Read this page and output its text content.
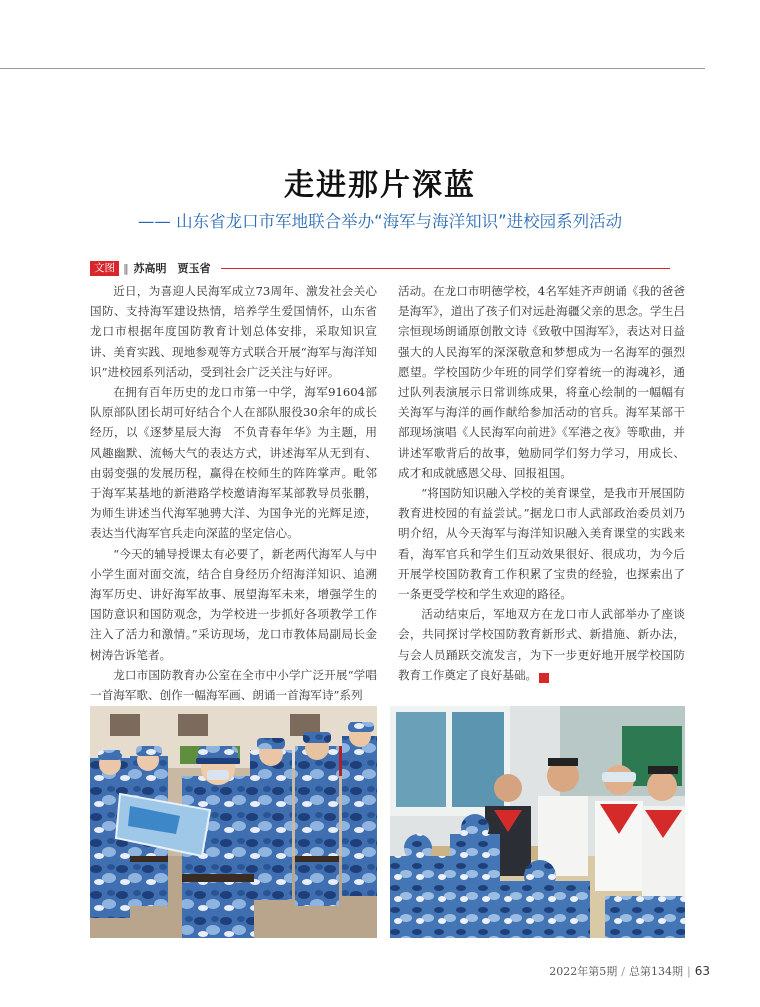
走进那片深蓝
—— 山东省龙口市军地联合举办“海军与海洋知识”进校园系列活动
文图 ‖ 苏高明　贾玉省

近日，为喜迎人民海军成立73周年、激发社会关心国防、支持海军建设热情，培养学生爱国情怀，山东省龙口市根据年度国防教育计划总体安排，采取知识宣讲、美育实践、现地参观等方式联合开展“海军与海洋知识”进校园系列活动，受到社会广泛关注与好评。

在拥有百年历史的龙口市第一中学，海军91604部队原部队团长胡可好结合个人在部队服役30余年的成长经历，以《逐梦星辰大海　不负青春年华》为主题，用风趣幽默、流畅大气的表达方式，讲述海军从无到有、由弱变强的发展历程，赢得在校师生的阵阵掌声。毗邻于海军某基地的新港路学校邀请海军某部教导员张鹏，为师生讲述当代海军驰骋大洋、为国争光的光辉足迹，表达当代海军官兵走向深蓝的坚定信心。

“今天的辅导授课太有必要了，新老两代海军人与中小学生面对面交流，结合自身经历介绍海洋知识、追溯海军历史、讲好海军故事、展望海军未来，增强学生的国防意识和国防观念，为学校进一步抓好各项教学工作注入了活力和激情。”采访现场，龙口市教体局副局长金树涛告诉笔者。

龙口市国防教育办公室在全市中小学广泛开展“学唱一首海军歌、创作一幅海军画、朗诵一首海军诗”系列

活动。在龙口市明德学校，4名军娃齐声朗诵《我的爸爸是海军》，道出了孩子们对远赴海疆父亲的思念。学生吕宗恒现场朗诵原创散文诗《致敬中国海军》，表达对日益强大的人民海军的深深敬意和梦想成为一名海军的强烈愿望。学校国防少年班的同学们穿着统一的海魂衫，通过队列表演展示日常训练成果，将童心绘制的一幅幅有关海军与海洋的画作献给参加活动的官兵。海军某部干部现场演唱《人民海军向前进》《军港之夜》等歌曲，并讲述军歌背后的故事，勉励同学们努力学习，用成长、成才和成就感恩父母、回报祖国。

“将国防知识融入学校的美育课堂，是我市开展国防教育进校园的有益尝试。”据龙口市人武部政治委员刘乃明介绍，从今天海军与海洋知识融入美育课堂的实践来看，海军官兵和学生们互动效果很好、很成功，为今后开展学校国防教育工作积累了宝贵的经验，也探索出了一条更受学校和学生欢迎的路径。

活动结束后，军地双方在龙口市人武部举办了座谈会，共同探讨学校国防教育新形式、新措施、新办法，与会人员踊跃交流发言，为下一步更好地开展学校国防教育工作奠定了良好基础。	G

2022年第5期 / 总第134期 | 63
